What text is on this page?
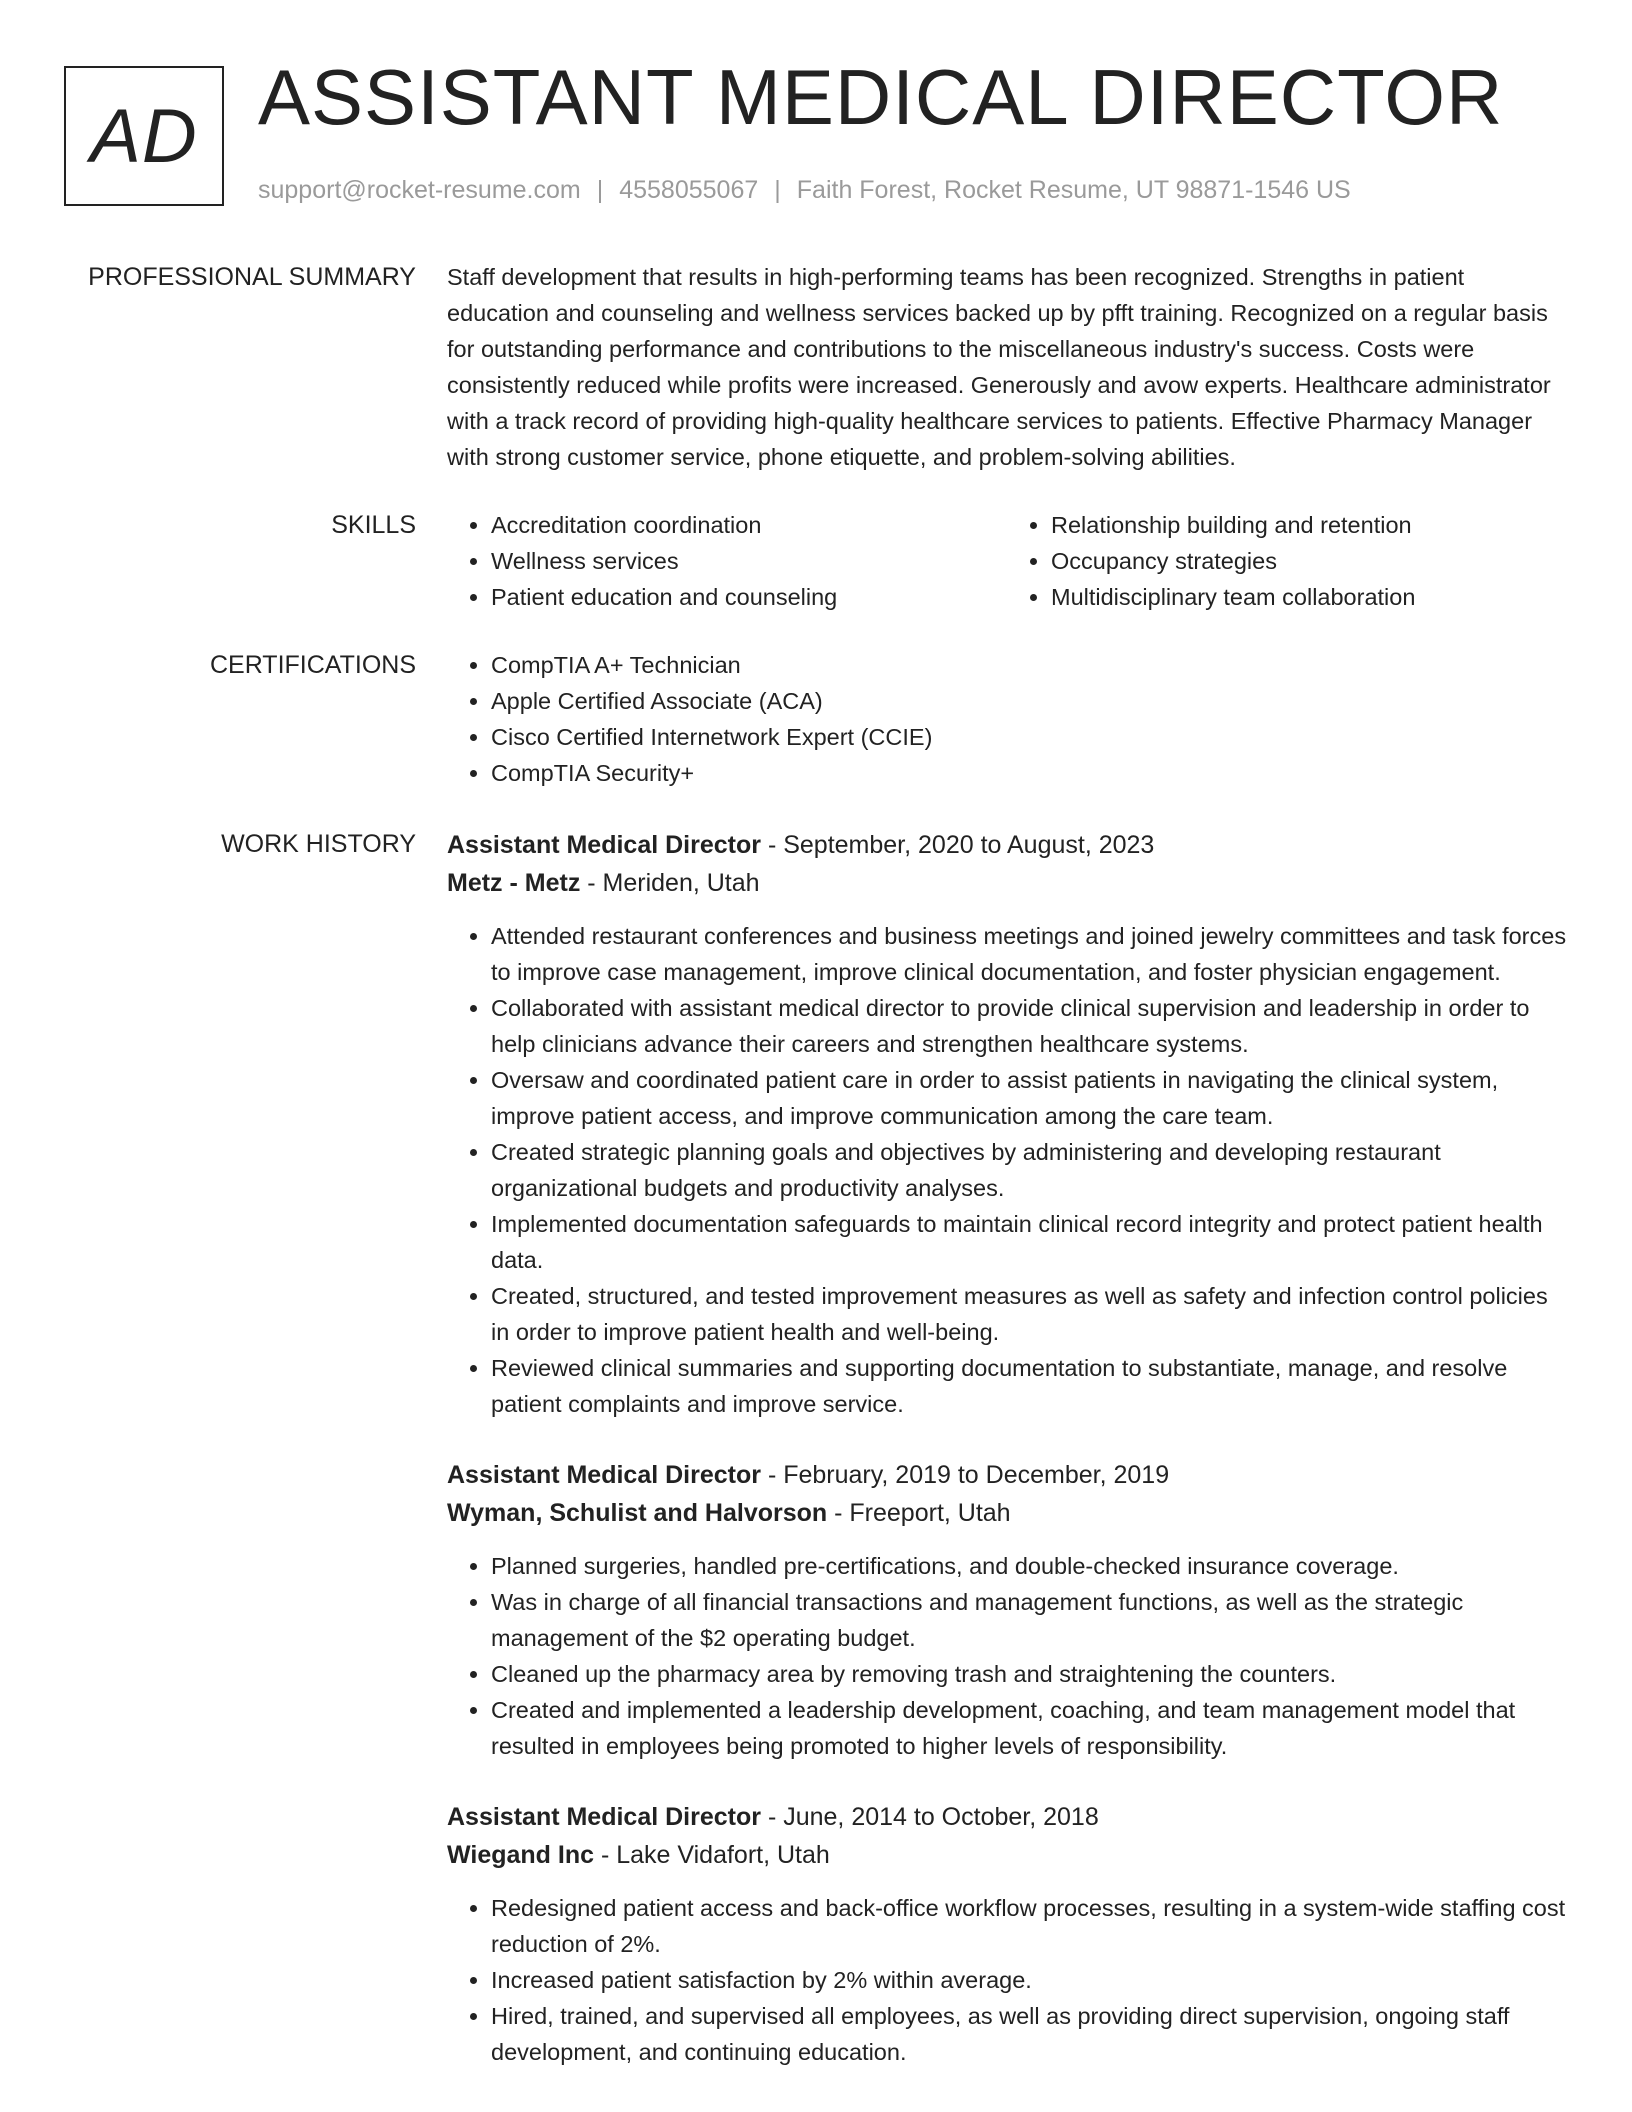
AD ASSISTANT MEDICAL DIRECTOR
support@rocket-resume.com | 4558055067 | Faith Forest, Rocket Resume, UT 98871-1546 US
PROFESSIONAL SUMMARY Staff development that results in high-performing teams has been recognized. Strengths in patient education and counseling and wellness services backed up by pfft training. Recognized on a regular basis for outstanding performance and contributions to the miscellaneous industry's success. Costs were consistently reduced while profits were increased. Generously and avow experts. Healthcare administrator with a track record of providing high-quality healthcare services to patients. Effective Pharmacy Manager with strong customer service, phone etiquette, and problem-solving abilities.

SKILLS	• Accreditation coordination
• Wellness services
• Patient education and counseling
• Relationship building and retention
• Occupancy strategies
• Multidisciplinary team collaboration
CERTIFICATIONS	• CompTIA A+ Technician
• Apple Certified Associate (ACA)
• Cisco Certified Internetwork Expert (CCIE)
• CompTIA Security+
WORK HISTORY Assistant Medical Director - September, 2020 to August, 2023
Metz - Metz - Meriden, Utah
• Attended restaurant conferences and business meetings and joined jewelry committees and task forces to improve case management, improve clinical documentation, and foster physician engagement.
• Collaborated with assistant medical director to provide clinical supervision and leadership in order to help clinicians advance their careers and strengthen healthcare systems.
• Oversaw and coordinated patient care in order to assist patients in navigating the clinical system, improve patient access, and improve communication among the care team.
• Created strategic planning goals and objectives by administering and developing restaurant organizational budgets and productivity analyses.
• Implemented documentation safeguards to maintain clinical record integrity and protect patient health data.
• Created, structured, and tested improvement measures as well as safety and infection control policies in order to improve patient health and well-being.
• Reviewed clinical summaries and supporting documentation to substantiate, manage, and resolve patient complaints and improve service.
Assistant Medical Director - February, 2019 to December, 2019
Wyman, Schulist and Halvorson - Freeport, Utah
• Planned surgeries, handled pre-certifications, and double-checked insurance coverage.
• Was in charge of all financial transactions and management functions, as well as the strategic management of the $2 operating budget.
• Cleaned up the pharmacy area by removing trash and straightening the counters.
• Created and implemented a leadership development, coaching, and team management model that resulted in employees being promoted to higher levels of responsibility.
Assistant Medical Director - June, 2014 to October, 2018
Wiegand Inc - Lake Vidafort, Utah
• Redesigned patient access and back-office workflow processes, resulting in a system-wide staffing cost reduction of 2%.
• Increased patient satisfaction by 2% within average.
• Hired, trained, and supervised all employees, as well as providing direct supervision, ongoing staff development, and continuing education.
